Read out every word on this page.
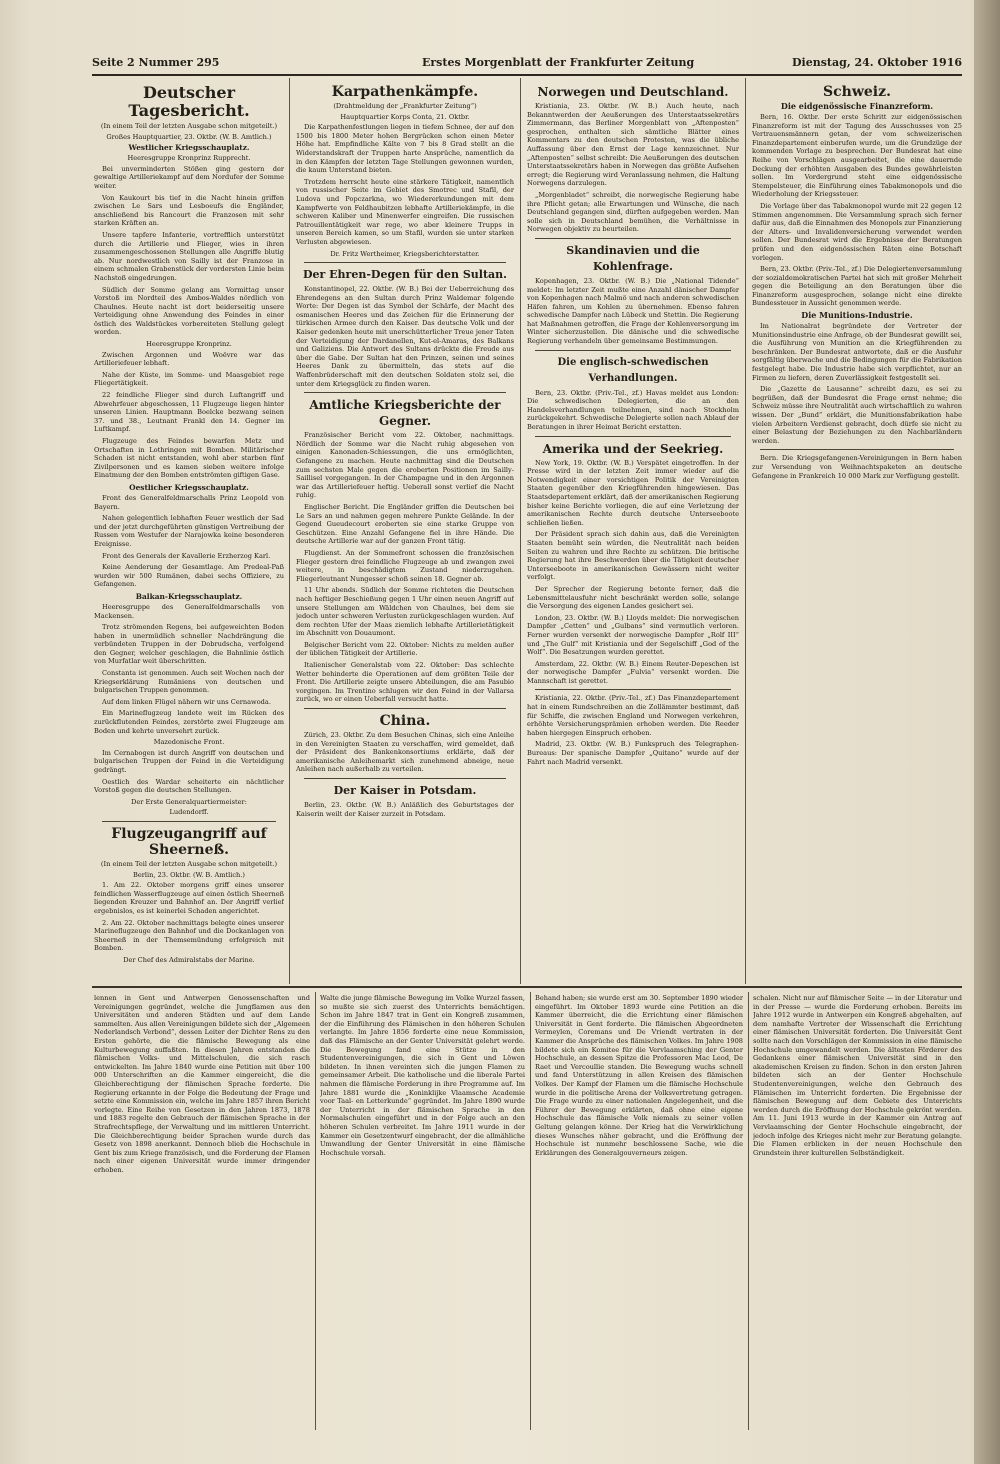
Seite 2 Nummer 295	Erstes Morgenblatt der Frankfurter Zeitung	Dienstag, 24. Oktober 1916
Deutscher Tagesbericht.
(In einem Teil der letzten Ausgabe schon mitgeteilt.)
Großes Hauptquartier, 23. Oktbr. (W. B. Amtlich.)
Westlicher Kriegsschauplatz.
Heeresgruppe Kronprinz Rupprecht.

Bei unverminderten Stößen ging gestern der gewaltige Artilleriekampf auf dem Nordufer der Somme weiter.

Von Kaukourt bis tief in die Nacht hinein griffen zwischen Le Sars und Lesboeufs die Engländer, anschließend bis Rancourt die Franzosen mit sehr starken Kräften an.

Unsere tapfere Infanterie, vortrefflich unterstützt durch die Artillerie und Flieger, wies in ihren zusammengeschossenen Stellungen alle Angriffe blutig ab. Nur nordwestlich von Sailly ist der Franzose in einem schmalen Grabenstück der vordersten Linie beim Nachstoß eingedrungen.

Südlich der Somme gelang am Vormittag unser Vorstoß im Nordteil des Ambos-Waldes nördlich von Chaulnes. Heute nacht ist dort beiderseitig unsere Verteidigung ohne Anwendung des Feindes in einer östlich des Waldstückes vorbereiteten Stellung gelegt worden.

Heeresgruppe Kronprinz.

Zwischen Argonnen und Woëvre war das Artilleriefeuer lebhaft.

Nahe der Küste, im Somme- und Maasgebiet rege Fliegertätigkeit.

22 feindliche Flieger sind durch Luftangriff und Abwehrfeuer abgeschossen, 11 Flugzeuge liegen hinter unseren Linien. Hauptmann Boelcke bezwang seinen 37. und 38., Leutnant Frankl den 14. Gegner im Luftkampf.

Flugzeuge des Feindes bewarfen Metz und Ortschaften in Lothringen mit Bomben. Militärischer Schaden ist nicht entstanden, wohl aber starben fünf Zivilpersonen und es kamen sieben weitere infolge Einatmung der den Bomben entströmten giftigen Gase.

Oestlicher Kriegsschauplatz.

Front des Generalfeldmarschalls Prinz Leopold von Bayern.

Nahen gelegentlich lebhaften Feuer westlich der Sad und der jetzt durchgeführten günstigen Vertreibung der Russen vom Westufer der Narajowka keine besonderen Ereignisse.

Front des Generals der Kavallerie Erzherzog Karl.

Keine Aenderung der Gesamtlage. Am Predeal-Paß wurden wir 500 Rumänen, dabei sechs Offiziere, zu Gefangenen.

Balkan-Kriegsschauplatz.

Heeresgruppe des Generalfeldmarschalls von Mackensen.

Trotz strömenden Regens, bei aufgeweichten Boden haben in unermüdlich schneller Nachdrängung die verbündeten Truppen in der Dobrudscha, verfolgend den Gegner, welcher geschlagen, die Bahnlinie östlich von Murfatlar weit überschritten.

Constanta ist genommen. Auch seit Wochen nach der Kriegserklärung Rumäniens von deutschen und bulgarischen Truppen genommen.

Auf dem linken Flügel nähern wir uns Cernawoda.

Ein Marineflugzeug landete weit im Rücken des zurückflutenden Feindes, zerstörte zwei Flugzeuge am Boden und kehrte unversehrt zurück.

Mazedonische Front.

Im Cernabogen ist durch Angriff von deutschen und bulgarischen Truppen der Feind in die Verteidigung gedrängt.

Oestlich des Wardar scheiterte ein nächtlicher Vorstoß gegen die deutschen Stellungen.

Der Erste Generalquartiermeister:
Ludendorff.
Flugzeugangriff auf Sheerneß.
(In einem Teil der letzten Ausgabe schon mitgeteilt.)
Berlin, 23. Oktbr. (W. B. Amtlich.)

1. Am 22. Oktober morgens griff eines unserer feindlichen Wasserflugzeuge auf einen östlich Sheerneß liegenden Kreuzer und Bahnhof an. Der Angriff verlief ergebnislos, es ist keinerlei Schaden angerichtet.

2. Am 22. Oktober nachmittags belegte eines unserer Marineflugzeuge den Bahnhof und die Dockanlagen von Sheerneß in der Themsemündung erfolgreich mit Bomben.

Der Chef des Admiralstabs der Marine.
Karpathenkämpfe.
(Drahtmeldung der „Frankfurter Zeitung“)
Hauptquartier Korps Conta, 21. Oktbr.

Die Karpathenfestlungen liegen in tiefem Schnee, der auf den 1500 bis 1800 Meter hohen Bergrücken schon einen Meter Höhe hat. Empfindliche Kälte von 7 bis 8 Grad stellt an die Widerstandskraft der Truppen harte Ansprüche, namentlich da in den Kämpfen der letzten Tage Stellungen gewonnen wurden, die kaum Unterstand bieten.

Trotzdem herrscht heute eine stärkere Tätigkeit, namentlich von russischer Seite im Gebiet des Smotrec und Stafil, der Ludova und Popczarkna, wo Wiedererkundungen mit dem Kampfwerte von Feldhaubitzen lebhafte Artilleriekämpfe, in die schweren Kaliber und Minenwerfer eingreifen. Die russischen Patrouillentätigkeit war rege, wo aber kleinere Trupps in unseren Bereich kamen, so um Stafil, wurden sie unter starken Verlusten abgewiesen.

Dr. Fritz Wertheimer, Kriegsberichterstatter.
Der Ehren-Degen für den Sultan.

Konstantinopel, 22. Oktbr. (W. B.) Bei der Ueberreichung des Ehrendegens an den Sultan durch Prinz Waldemar folgende Worte: Der Degen ist das Symbol der Schärfe, der Macht des osmanischen Heeres und das Zeichen für die Erinnerung der türkischen Armee durch den Kaiser. Das deutsche Volk und der Kaiser gedenken heute mit unerschütterlicher Treue jener Taten der Verteidigung der Dardanellen, Kut-el-Amaras, des Balkans und Galiziens. Die Antwort des Sultans drückte die Freude aus über die Gabe. Der Sultan hat den Prinzen, seinen und seines Heeres Dank zu übermitteln, das stets auf die Waffenbrüderschaft mit den deutschen Soldaten stolz sei, die unter dem Kriegsglück zu finden waren.

Amtliche Kriegsberichte der Gegner.

Französischer Bericht vom 22. Oktober, nachmittags. Nördlich der Somme war die Nacht ruhig abgesehen von einigen Kanonaden-Schiessungen, die uns ermöglichten, Gefangene zu machen. Heute nachmittag sind die Deutschen zum sechsten Male gegen die eroberten Positionen im Sailly-Saillisel vorgegangen. In der Champagne und in den Argonnen war das Artilleriefeuer heftig. Ueberall sonst verlief die Nacht ruhig.

Englischer Bericht. Die Engländer griffen die Deutschen bei Le Sars an und nahmen gegen mehrere Punkte Gelände. In der Gegend Gueudecourt eroberten sie eine starke Gruppe von Geschützen. Eine Anzahl Gefangene fiel in ihre Hände. Die deutsche Artillerie war auf der ganzen Front tätig.

Flugdienst. An der Sommefront schossen die französischen Flieger gestern drei feindliche Flugzeuge ab und zwangen zwei weitere, in beschädigtem Zustand niederzugehen. Fliegerleutnant Nungesser schoß seinen 18. Gegner ab.

11 Uhr abends. Südlich der Somme richteten die Deutschen nach heftiger Beschießung gegen 1 Uhr einen neuen Angriff auf unsere Stellungen am Wäldchen von Chaulnes, bei dem sie jedoch unter schweren Verlusten zurückgeschlagen wurden. Auf dem rechten Ufer der Maas ziemlich lebhafte Artillerietätigkeit im Abschnitt von Douaumont.

Belgischer Bericht vom 22. Oktober: Nichts zu melden außer der üblichen Tätigkeit der Artillerie.

Italienischer Generalstab vom 22. Oktober: Das schlechte Wetter behinderte die Operationen auf dem größten Teile der Front. Die Artillerie zeigte unsere Abteilungen, die am Pasubio vorgingen. Im Trentino schlugen wir den Feind in der Vallarsa zurück, wo er einen Ueberfall versucht hatte.

China.

Zürich, 23. Oktbr. Zu dem Besuchen Chinas, sich eine Anleihe in den Vereinigten Staaten zu verschaffen, wird gemeldet, daß der Präsident des Bankenkonsortiums erklärte, daß der amerikanische Anleihemarkt sich zunehmend abneige, neue Anleihen nach außerhalb zu verteilen.

Der Kaiser in Potsdam.

Berlin, 23. Oktbr. (W. B.) Anläßlich des Geburtstages der Kaiserin weilt der Kaiser zurzeit in Potsdam.

Norwegen und Deutschland.

Kristiania, 23. Oktbr. (W. B.) Auch heute, nach Bekanntwerden der Aeußerungen des Unterstaatssekretärs Zimmermann, das Berliner Morgenblatt von „Aftenposten“ gesprochen, enthalten sich sämtliche Blätter eines Kommentars zu den deutschen Protesten, was die übliche Auffassung über den Ernst der Lage kennzeichnet. Nur „Aftenposten“ selbst schreibt: Die Aeußerungen des deutschen Unterstaatssekretärs haben in Norwegen das größte Aufsehen erregt; die Regierung wird Veranlassung nehmen, die Haltung Norwegens darzulegen.

„Morgenbladet“ schreibt, die norwegische Regierung habe ihre Pflicht getan; alle Erwartungen und Wünsche, die nach Deutschland gegangen sind, dürften aufgegeben werden. Man solle sich in Deutschland bemühen, die Verhältnisse in Norwegen objektiv zu beurteilen.

Skandinavien und die Kohlenfrage.

Kopenhagen, 23. Oktbr. (W. B.) Die „National Tidende“ meldet: Im letzter Zeit mußte eine Anzahl dänischer Dampfer von Kopenhagen nach Malmö und nach anderen schwedischen Häfen fahren, um Kohlen zu übernehmen. Ebenso fahren schwedische Dampfer nach Lübeck und Stettin. Die Regierung hat Maßnahmen getroffen, die Frage der Kohlenversorgung im Winter sicherzustellen. Die dänische und die schwedische Regierung verhandeln über gemeinsame Bestimmungen.

Die englisch-schwedischen Verhandlungen.

Bern, 23. Oktbr. (Priv.-Tel., zf.) Havas meldet aus London: Die schwedischen Delegierten, die an den Handelsverhandlungen teilnehmen, sind nach Stockholm zurückgekehrt. Schwedische Delegierte sollen nach Ablauf der Beratungen in ihrer Heimat Bericht erstatten.

Amerika und der Seekrieg.

New York, 19. Oktbr. (W. B.) Verspätet eingetroffen. In der Presse wird in der letzten Zeit immer wieder auf die Notwendigkeit einer vorsichtigen Politik der Vereinigten Staaten gegenüber den Kriegführenden hingewiesen. Das Staatsdepartement erklärt, daß der amerikanischen Regierung bisher keine Berichte vorliegen, die auf eine Verletzung der amerikanischen Rechte durch deutsche Unterseeboote schließen ließen.

Der Präsident sprach sich dahin aus, daß die Vereinigten Staaten bemüht sein würden, die Neutralität nach beiden Seiten zu wahren und ihre Rechte zu schützen. Die britische Regierung hat ihre Beschwerden über die Tätigkeit deutscher Unterseeboote in amerikanischen Gewässern nicht weiter verfolgt.

Der Sprecher der Regierung betonte ferner, daß die Lebensmittelausfuhr nicht beschränkt werden solle, solange die Versorgung des eigenen Landes gesichert sei.

London, 23. Oktbr. (W. B.) Lloyds meldet: Die norwegischen Dampfer „Cetten“ und „Gulbans“ sind vermutlich verloren. Ferner wurden versenkt der norwegische Dampfer „Rolf III“ und „The Gulf“ mit Kristiania und der Segelschiff „God of the Wolf“. Die Besatzungen wurden gerettet.

Amsterdam, 22. Oktbr. (W. B.) Einem Reuter-Depeschen ist der norwegische Dampfer „Fulvia“ versenkt worden. Die Mannschaft ist gerettet.

Kristiania, 22. Oktbr. (Priv.-Tel., zf.) Das Finanzdepartement hat in einem Rundschreiben an die Zollämmter bestimmt, daß für Schiffe, die zwischen England und Norwegen verkehren, erhöhte Versicherungsprämien erhoben werden. Die Reeder haben hiergegen Einspruch erhoben.

Madrid, 23. Oktbr. (W. B.) Funkspruch des Telegraphen-Bureaus: Der spanische Dampfer „Quitano“ wurde auf der Fahrt nach Madrid versenkt.

Schweiz.
Die eidgenössische Finanzreform.

Bern, 16. Oktbr. Der erste Schritt zur eidgenössischen Finanzreform ist mit der Tagung des Ausschusses von 25 Vertrauensmännern getan, der vom schweizerischen Finanzdepartement einberufen wurde, um die Grundzüge der kommenden Vorlage zu besprechen. Der Bundesrat hat eine Reihe von Vorschlägen ausgearbeitet, die eine dauernde Deckung der erhöhten Ausgaben des Bundes gewährleisten sollen. Im Vordergrund steht eine eidgenössische Stempelsteuer, die Einführung eines Tabakmonopols und die Wiederholung der Kriegssteuer.

Die Vorlage über das Tabakmonopol wurde mit 22 gegen 12 Stimmen angenommen. Die Versammlung sprach sich ferner dafür aus, daß die Einnahmen des Monopols zur Finanzierung der Alters- und Invalidenversicherung verwendet werden sollen. Der Bundesrat wird die Ergebnisse der Beratungen prüfen und den eidgenössischen Räten eine Botschaft vorlegen.

Bern, 23. Oktbr. (Priv.-Tel., zf.) Die Delegiertenversammlung der sozialdemokratischen Partei hat sich mit großer Mehrheit gegen die Beteiligung an den Beratungen über die Finanzreform ausgesprochen, solange nicht eine direkte Bundessteuer in Aussicht genommen werde.

Die Munitions-Industrie.

Im Nationalrat begründete der Vertreter der Munitionsindustrie eine Anfrage, ob der Bundesrat gewillt sei, die Ausführung von Munition an die Kriegführenden zu beschränken. Der Bundesrat antwortete, daß er die Ausfuhr sorgfältig überwache und die Bedingungen für die Fabrikation festgelegt habe. Die Industrie habe sich verpflichtet, nur an Firmen zu liefern, deren Zuverlässigkeit festgestellt sei.

Die „Gazette de Lausanne“ schreibt dazu, es sei zu begrüßen, daß der Bundesrat die Frage ernst nehme; die Schweiz müsse ihre Neutralität auch wirtschaftlich zu wahren wissen. Der „Bund“ erklärt, die Munitionsfabrikation habe vielen Arbeitern Verdienst gebracht, doch dürfe sie nicht zu einer Belastung der Beziehungen zu den Nachbarländern werden.

Bern. Die Kriegsgefangenen-Vereinigungen in Bern haben zur Versendung von Weihnachtspaketen an deutsche Gefangene in Frankreich 10 000 Mark zur Verfügung gestellt.

lennen in Gent und Antwerpen Genossenschaften und Vereinigungen gegründet, welche die Jungflamen aus den Universitäten und anderen Städten und auf dem Lande sammelten. Aus allen Vereinigungen bildete sich der „Algemeen Nederlandsch Verbond“, dessen Leiter der Dichter Rens zu den Ersten gehörte, die die flämische Bewegung als eine Kulturbewegung auffaßten. In diesen Jahren entstanden die flämischen Volks- und Mittelschulen, die sich rasch entwickelten. Im Jahre 1840 wurde eine Petition mit über 100 000 Unterschriften an die Kammer eingereicht, die die Gleichberechtigung der flämischen Sprache forderte. Die Regierung erkannte in der Folge die Bedeutung der Frage und setzte eine Kommission ein, welche im Jahre 1857 ihren Bericht vorlegte. Eine Reihe von Gesetzen in den Jahren 1873, 1878 und 1883 regelte den Gebrauch der flämischen Sprache in der Strafrechtspflege, der Verwaltung und im mittleren Unterricht. Die Gleichberechtigung beider Sprachen wurde durch das Gesetz von 1898 anerkannt. Dennoch blieb die Hochschule in Gent bis zum Kriege französisch, und die Forderung der Flamen nach einer eigenen Universität wurde immer dringender erhoben.

Walte die junge flämische Bewegung im Volke Wurzel fassen, so mußte sie sich zuerst des Unterrichts bemächtigen. Schon im Jahre 1847 trat in Gent ein Kongreß zusammen, der die Einführung des Flämischen in den höheren Schulen verlangte. Im Jahre 1856 forderte eine neue Kommission, daß das Flämische an der Genter Universität gelehrt werde. Die Bewegung fand eine Stütze in den Studentenvereinigungen, die sich in Gent und Löwen bildeten. In ihnen vereinten sich die jungen Flamen zu gemeinsamer Arbeit. Die katholische und die liberale Partei nahmen die flämische Forderung in ihre Programme auf. Im Jahre 1881 wurde die „Koninklijke Vlaamsche Academie voor Taal- en Letterkunde“ gegründet. Im Jahre 1890 wurde der Unterricht in der flämischen Sprache in den Normalschulen eingeführt und in der Folge auch an den höheren Schulen verbreitet. Im Jahre 1911 wurde in der Kammer ein Gesetzentwurf eingebracht, der die allmähliche Umwandlung der Genter Universität in eine flämische Hochschule vorsah.

Behand haben; sie wurde erst am 30. September 1890 wieder eingeführt. Im Oktober 1893 wurde eine Petition an die Kammer überreicht, die die Errichtung einer flämischen Universität in Gent forderte. Die flämischen Abgeordneten Vermeylen, Coremans und De Vriendt vertraten in der Kammer die Ansprüche des flämischen Volkes. Im Jahre 1908 bildete sich ein Komitee für die Vervlaamsching der Genter Hochschule, an dessen Spitze die Professoren Mac Leod, De Raet und Vercoullie standen. Die Bewegung wuchs schnell und fand Unterstützung in allen Kreisen des flämischen Volkes. Der Kampf der Flamen um die flämische Hochschule wurde in die politische Arena der Volksvertretung getragen. Die Frage wurde zu einer nationalen Angelegenheit, und die Führer der Bewegung erklärten, daß ohne eine eigene Hochschule das flämische Volk niemals zu seiner vollen Geltung gelangen könne. Der Krieg hat die Verwirklichung dieses Wunsches näher gebracht, und die Eröffnung der Hochschule ist nunmehr beschlossene Sache, wie die Erklärungen des Generalgouverneurs zeigen.

schalen. Nicht nur auf flämischer Seite — in der Literatur und in der Presse — wurde die Forderung erhoben. Bereits im Jahre 1912 wurde in Antwerpen ein Kongreß abgehalten, auf dem namhafte Vertreter der Wissenschaft die Errichtung einer flämischen Universität forderten. Die Universität Gent sollte nach den Vorschlägen der Kommission in eine flämische Hochschule umgewandelt werden. Die ältesten Förderer des Gedankens einer flämischen Universität sind in den akademischen Kreisen zu finden. Schon in den ersten Jahren bildeten sich an der Genter Hochschule Studentenvereinigungen, welche den Gebrauch des Flämischen im Unterricht forderten. Die Ergebnisse der flämischen Bewegung auf dem Gebiete des Unterrichts werden durch die Eröffnung der Hochschule gekrönt werden. Am 11. Juni 1913 wurde in der Kammer ein Antrag auf Vervlaamsching der Genter Hochschule eingebracht, der jedoch infolge des Krieges nicht mehr zur Beratung gelangte. Die Flamen erblicken in der neuen Hochschule den Grundstein ihrer kulturellen Selbständigkeit.
